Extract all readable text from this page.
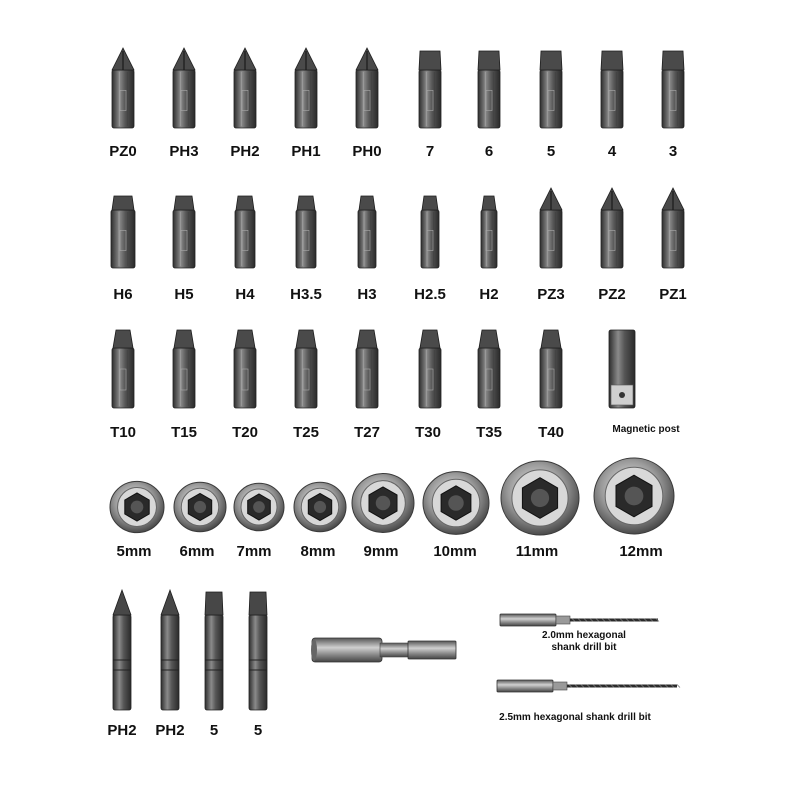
PZ0 PH3 PH2 PH1 PH0	7	6	5	4	3
H6	H5	H4 H3.5 H3	H2.5 H2	PZ3 PZ2 PZ1
T10 T15 T20 T25 T27 T30 T35 T40	Magnetic post
5mm 6mm 7mm 8mm 9mm 10mm	11mm	12mm
PH2 PH2 5 5
2.0mm hexagonal shank drill bit
2.5mm hexagonal shank drill bit
